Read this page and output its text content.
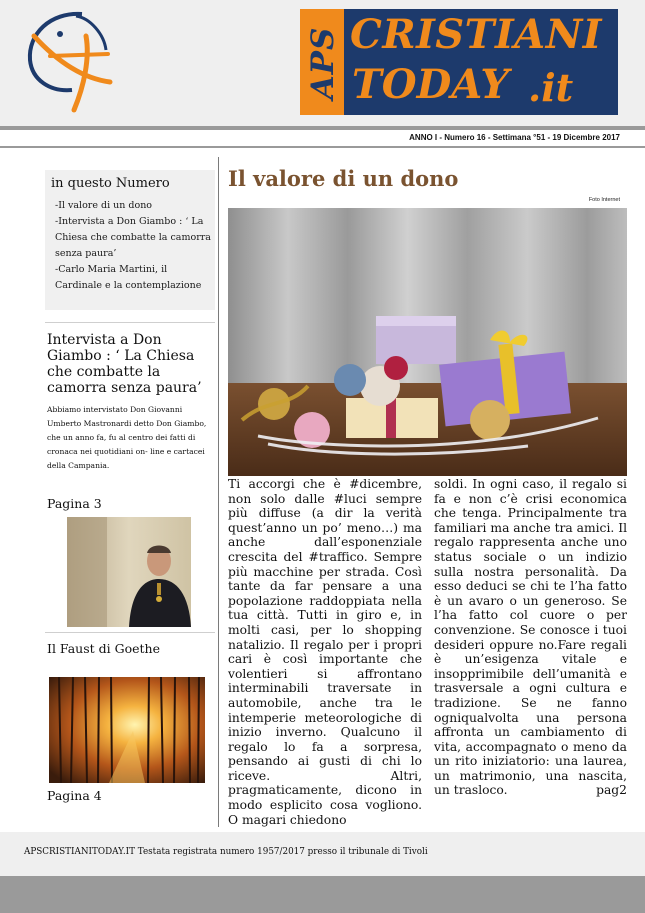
APS CRISTIANI
TODAY .it
ANNO I - Numero 16 - Settimana °51 - 19 Dicembre 2017
in questo Numero
-Il valore di un dono
-Intervista a Don Giambo : ‘ La Chiesa che combatte la camorra senza paura’
-Carlo Maria Martini, il Cardinale e la contemplazione
Intervista a Don Giambo : ‘ La Chiesa che combatte la camorra senza paura’
Abbiamo intervistato Don Giovanni Umberto Mastronardi detto Don Giambo, che un anno fa, fu al centro dei fatti di cronaca nei quotidiani on- line e cartacei della Campania.
Pagina 3
Il Faust di Goethe
Pagina 4
Il valore di un dono
Foto Internet

Ti accorgi che è #dicembre, non solo dalle #luci sempre più diffuse (a dir la verità quest’anno un po’ meno…) ma anche dall’esponenziale crescita del #traffico. Sempre più macchine per strada. Così tante da far pensare a una popolazione raddoppiata nella tua città. Tutti in giro e, in molti casi, per lo shopping natalizio. Il regalo per i propri cari è così importante che volentieri si affrontano interminabili traversate in automobile, anche tra le intemperie meteorologiche di inizio inverno. Qualcuno il regalo lo fa a sorpresa, pensando ai gusti di chi lo riceve. Altri, pragmaticamente, dicono in modo esplicito cosa vogliono. O magari chiedono

soldi. In ogni caso, il regalo si fa e non c’è crisi economica che tenga. Principalmente tra familiari ma anche tra amici. Il regalo rappresenta anche uno status sociale o un indizio sulla nostra personalità. Da esso deduci se chi te l’ha fatto è un avaro o un generoso. Se l’ha fatto col cuore o per convenzione. Se conosce i tuoi desideri oppure no.Fare regali è un’esigenza vitale e insopprimibile dell’umanità e trasversale a ogni cultura e tradizione. Se ne fanno ogniqualvolta una persona affronta un cambiamento di vita, accompagnato o meno da un rito iniziatorio: una laurea, un matrimonio, una nascita, un trasloco.	pag2

APSCRISTIANITODAY.IT Testata registrata numero 1957/2017 presso il tribunale di Tivoli
